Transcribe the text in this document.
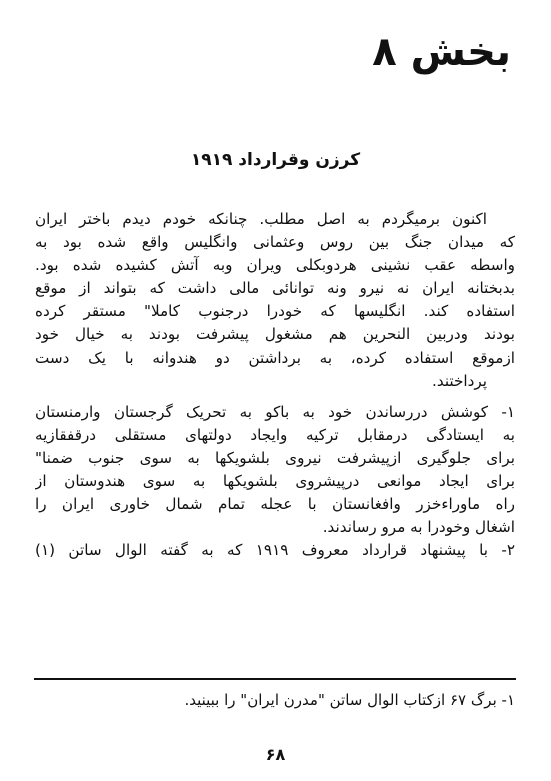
بخش ۸
کرزن وقرارداد ۱۹۱۹
اکنون برمیگردم به اصل مطلب. چنانکه خودم دیدم باختر ایران
که میدان جنگ بین روس وعثمانی وانگلیس واقع شده بود به
واسطه عقب نشینی هردوبکلی ویران وبه آتش کشیده شده بود.
بدبختانه ایران نه نیرو ونه توانائی مالی داشت که بتواند از موقع
استفاده کند. انگلیسها که خودرا درجنوب کاملا" مستقر کرده
بودند ودربین النحرین هم مشغول پیشرفت بودند به خیال خود
ازموقع استفاده کرده، به برداشتن دو هندوانه با یک دست
پرداختند.
۱- کوشش دررساندن خود به باکو به تحریک گرجستان وارمنستان
به ایستادگی درمقابل ترکیه وایجاد دولتهای مستقلی درقفقازیه
برای جلوگیری ازپیشرفت نیروی بلشویکها به سوی جنوب ضمنا"
برای ایجاد موانعی درپیشروی بلشویکها به سوی هندوستان از
راه ماوراءخزر وافغانستان با عجله تمام شمال خاوری ایران را
اشغال وخودرا به مرو رساندند.
۲- با پیشنهاد قرارداد معروف ۱۹۱۹ که به گفته الوال ساتن (۱)
۱- برگ ۶۷ ازکتاب الوال ساتن "مدرن ایران" را ببینید.
۶۸
